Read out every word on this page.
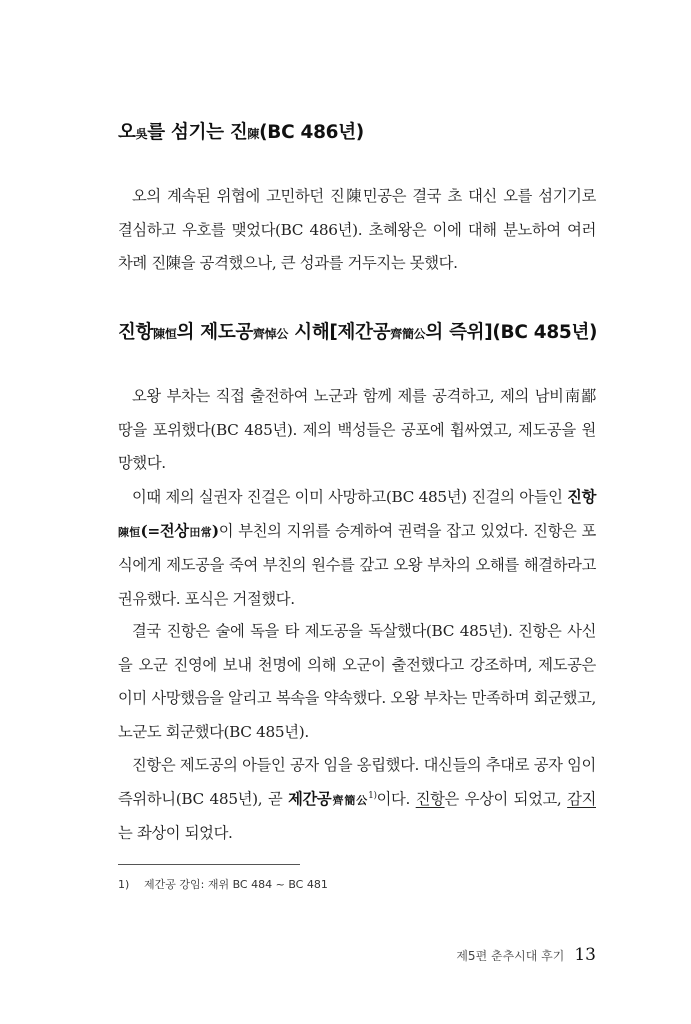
오吳를 섬기는 진陳(BC 486년)

오의 계속된 위협에 고민하던 진陳민공은 결국 초 대신 오를 섬기기로 결심하고 우호를 맺었다(BC 486년). 초혜왕은 이에 대해 분노하여 여러 차례 진陳을 공격했으나, 큰 성과를 거두지는 못했다.

진항陳恒의 제도공齊悼公 시해[제간공齊簡公의 즉위](BC 485년)

오왕 부차는 직접 출전하여 노군과 함께 제를 공격하고, 제의 남비南鄙 땅을 포위했다(BC 485년). 제의 백성들은 공포에 휩싸였고, 제도공을 원망했다.

이때 제의 실권자 진걸은 이미 사망하고(BC 485년) 진걸의 아들인 진항陳恒(=전상田常)이 부친의 지위를 승계하여 권력을 잡고 있었다. 진항은 포식에게 제도공을 죽여 부친의 원수를 갚고 오왕 부차의 오해를 해결하라고 권유했다. 포식은 거절했다.

결국 진항은 술에 독을 타 제도공을 독살했다(BC 485년). 진항은 사신을 오군 진영에 보내 천명에 의해 오군이 출전했다고 강조하며, 제도공은 이미 사망했음을 알리고 복속을 약속했다. 오왕 부차는 만족하며 회군했고, 노군도 회군했다(BC 485년).

진항은 제도공의 아들인 공자 임을 옹립했다. 대신들의 추대로 공자 임이 즉위하니(BC 485년), 곧 제간공齊簡公$^{1)}$이다. 진항은 우상이 되었고, 감지는 좌상이 되었다.

1) 제간공 강임: 재위 BC 484 ~ BC 481

제5편 춘추시대 후기 13
